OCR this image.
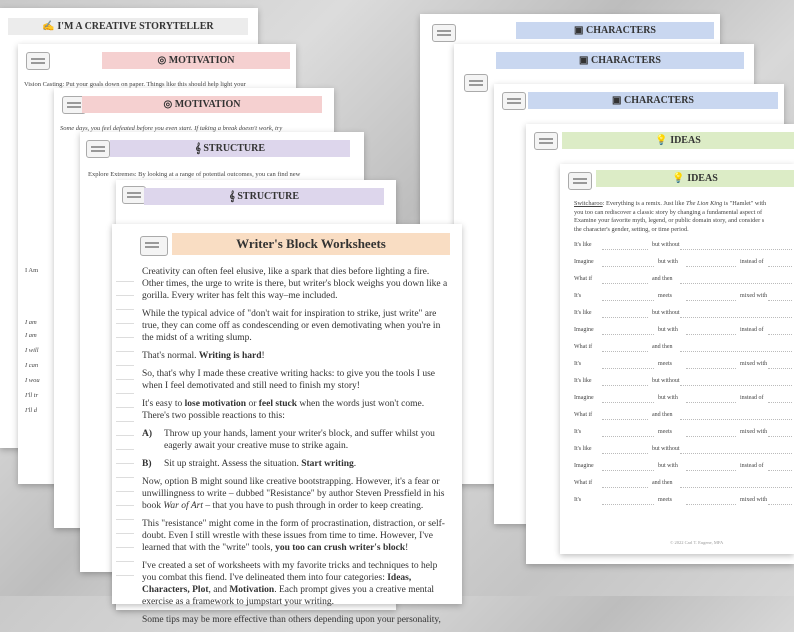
✍ I'M A CREATIVE STORYTELLER
◎ MOTIVATION
Vision Casting: Put your goals down on paper. Things like this should help light your
◎ MOTIVATION
Some days, you feel defeated before you even start. If taking a break doesn't work, try
𝄞 STRUCTURE
Explore Extremes: By looking at a range of potential outcomes, you can find new
𝄞 STRUCTURE
I Am
I am
I am
I will
I can
I wou
I'll tr
I'll d
▣ CHARACTERS
▣ CHARACTERS
▣ CHARACTERS
💡 IDEAS
💡 IDEAS
Switcharoo: Everything is a remix. Just like The Lion King is "Hamlet" with
you too can rediscover a classic story by changing a fundamental aspect of
Examine your favorite myth, legend, or public domain story, and consider s
the character's gender, setting, or time period.
It's like	but without
Imagine	but with	instead of
What if	and then
It's	meets	mixed with
It's like	but without
Imagine	but with	instead of
What if	and then
It's	meets	mixed with
It's like	but without
Imagine	but with	instead of
What if	and then
It's	meets	mixed with
It's like	but without
Imagine	but with	instead of
What if	and then
It's	meets	mixed with
© 2022 Carl T. Eugene, MFA
Writer's Block Worksheets

Creativity can often feel elusive, like a spark that dies before lighting a fire. Other times, the urge to write is there, but writer's block weighs you down like a gorilla. Every writer has felt this way–me included.

While the typical advice of "don't wait for inspiration to strike, just write" are true, they can come off as condescending or even demotivating when you're in the midst of a writing slump.

That's normal. Writing is hard!

So, that's why I made these creative writing hacks: to give you the tools I use when I feel demotivated and still need to finish my story!

It's easy to lose motivation or feel stuck when the words just won't come. There's two possible reactions to this:

A)	Throw up your hands, lament your writer's block, and suffer whilst you eagerly await your creative muse to strike again.
B)	Sit up straight. Assess the situation. Start writing.

Now, option B might sound like creative bootstrapping. However, it's a fear or unwillingness to write – dubbed "Resistance" by author Steven Pressfield in his book War of Art – that you have to push through in order to keep creating.

This "resistance" might come in the form of procrastination, distraction, or self-doubt. Even I still wrestle with these issues from time to time. However, I've learned that with the "write" tools, you too can crush writer's block!

I've created a set of worksheets with my favorite tricks and techniques to help you combat this fiend. I've delineated them into four categories: Ideas, Characters, Plot, and Motivation. Each prompt gives you a creative mental exercise as a framework to jumpstart your writing.

Some tips may be more effective than others depending upon your personality,
